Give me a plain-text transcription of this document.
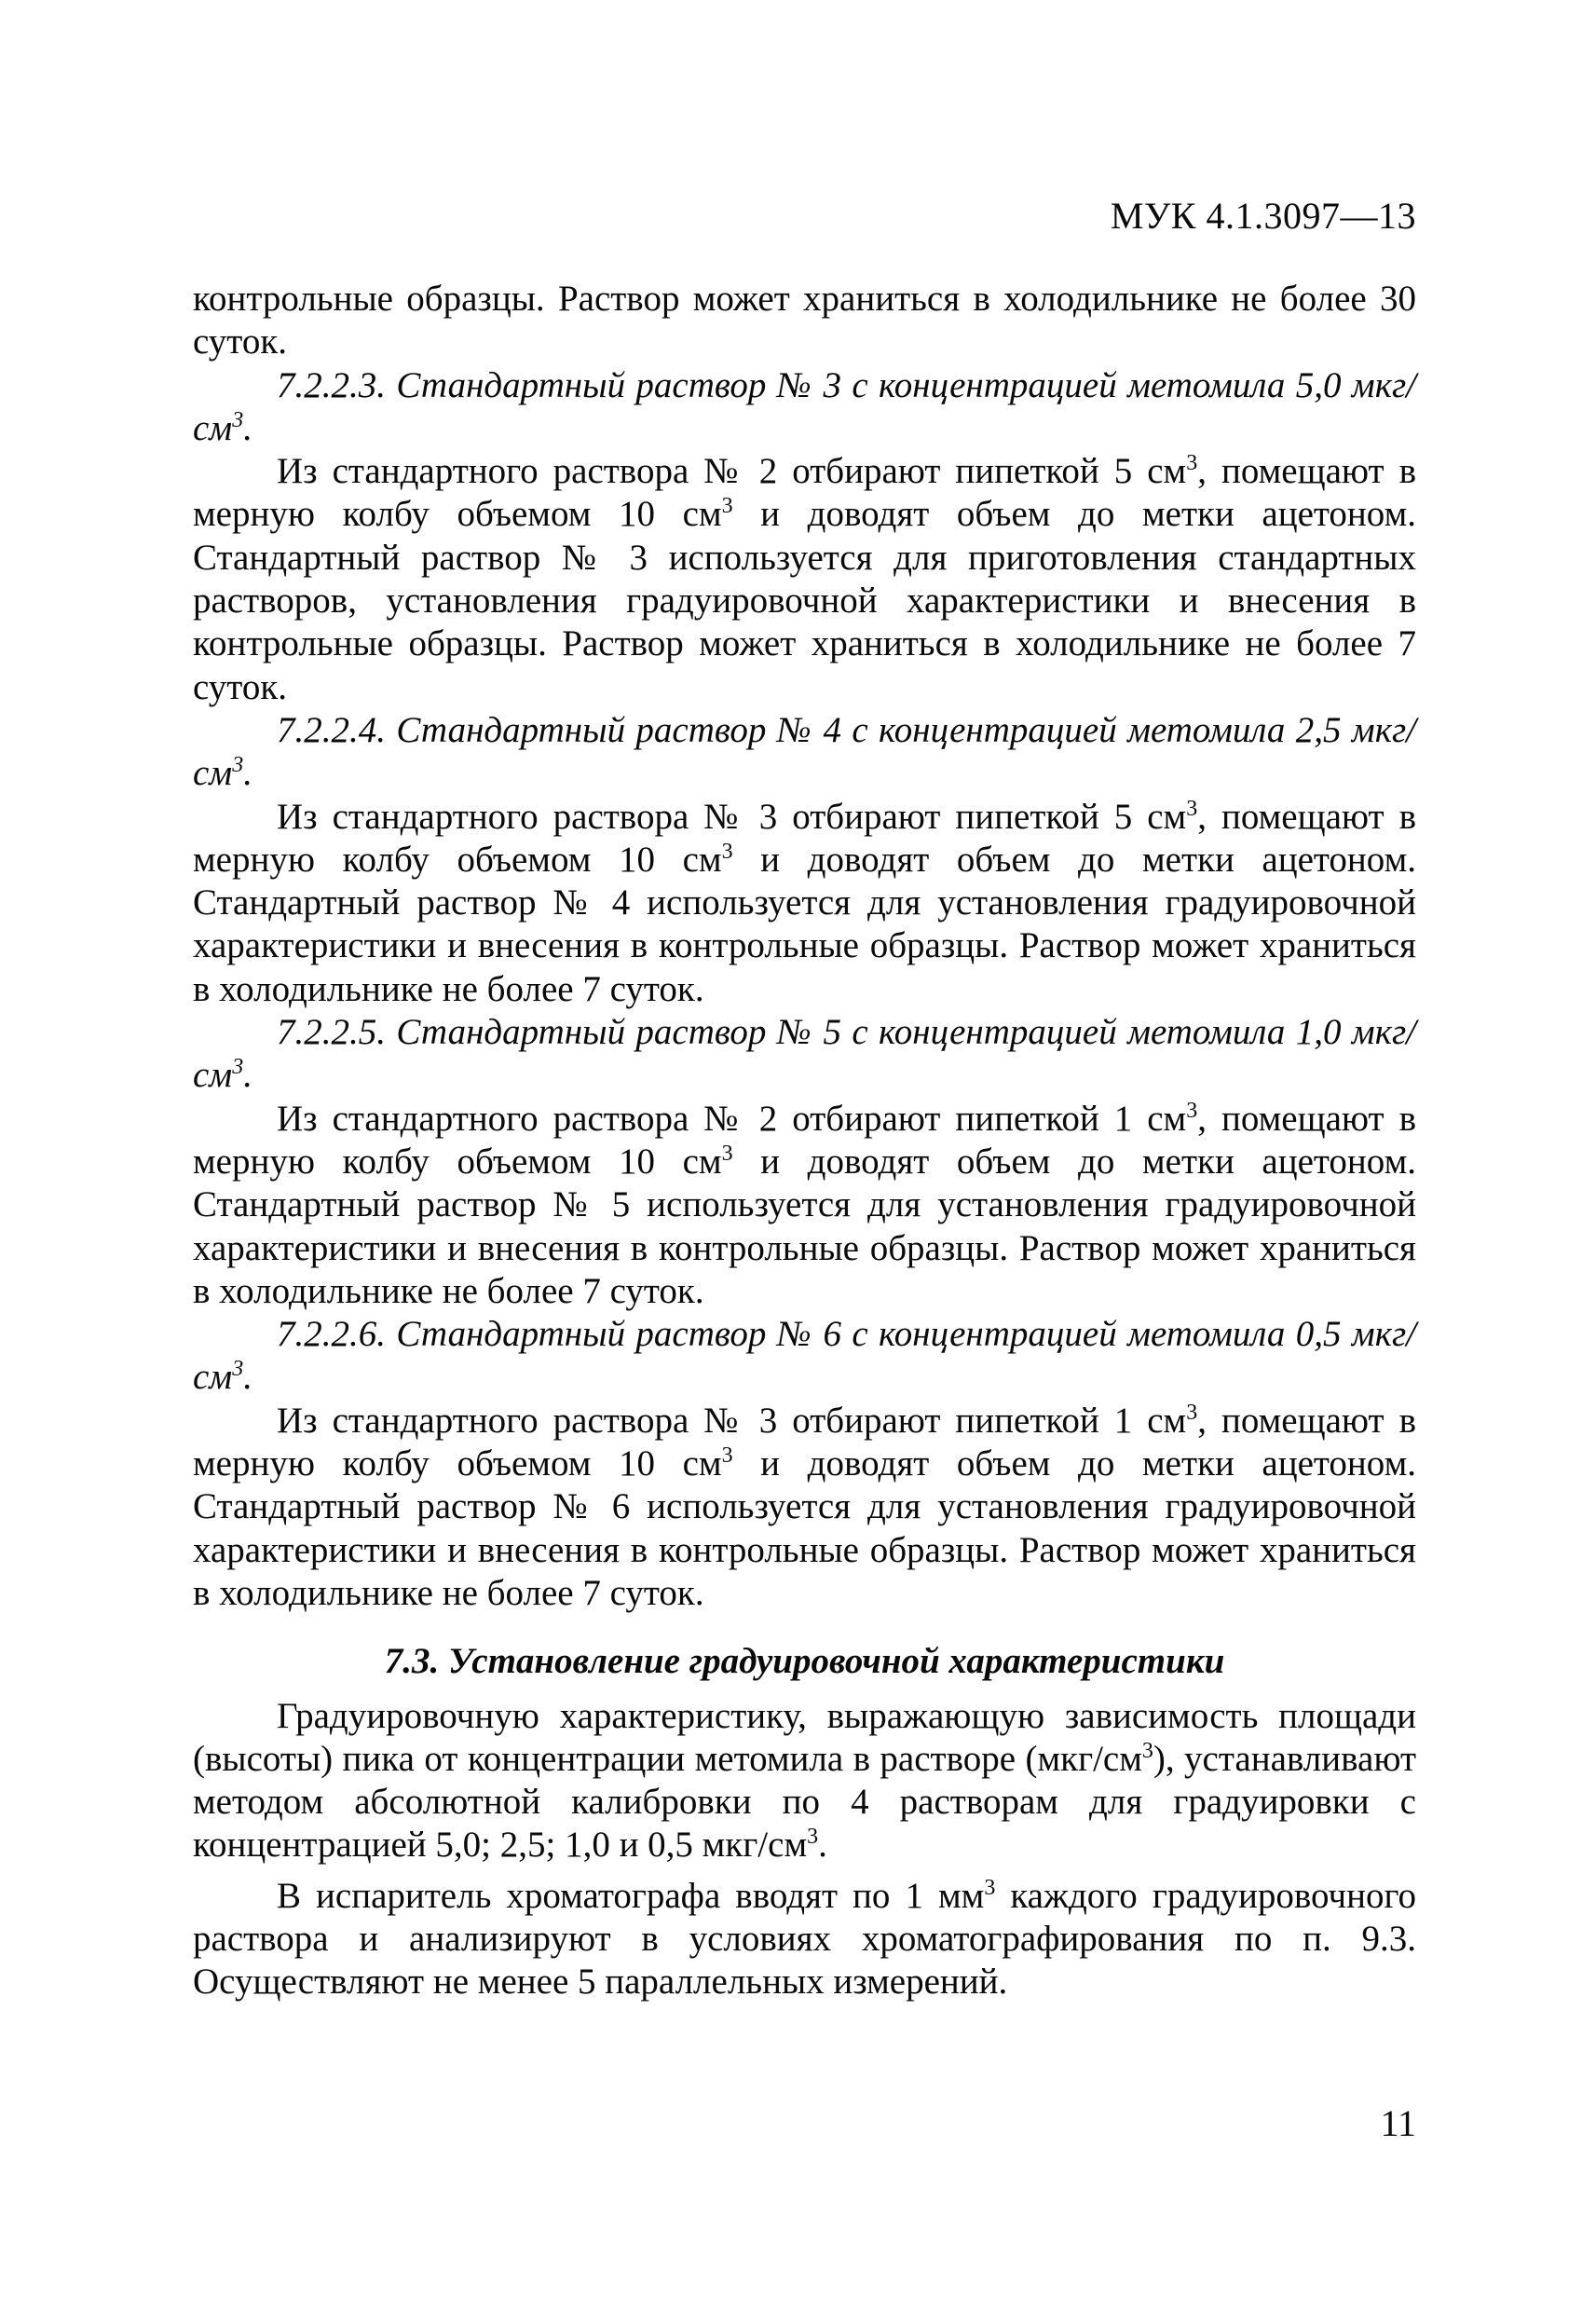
МУК 4.1.3097—13

контрольные образцы. Раствор может храниться в холодильнике не более 30 суток.

7.2.2.3. Стандартный раствор № 3 с концентрацией метомила 5,0 мкг/$см^3$.

Из стандартного раствора № 2 отбирают пипеткой 5 $см^3$, помещают в мерную колбу объемом 10 $см^3$ и доводят объем до метки ацетоном. Стандартный раствор № 3 используется для приготовления стандартных растворов, установления градуировочной характеристики и внесения в контрольные образцы. Раствор может храниться в холодильнике не более 7 суток.

7.2.2.4. Стандартный раствор № 4 с концентрацией метомила 2,5 мкг/$см^3$.

Из стандартного раствора № 3 отбирают пипеткой 5 $см^3$, помещают в мерную колбу объемом 10 $см^3$ и доводят объем до метки ацетоном. Стандартный раствор № 4 используется для установления градуировочной характеристики и внесения в контрольные образцы. Раствор может храниться в холодильнике не более 7 суток.

7.2.2.5. Стандартный раствор № 5 с концентрацией метомила 1,0 мкг/$см^3$.

Из стандартного раствора № 2 отбирают пипеткой 1 $см^3$, помещают в мерную колбу объемом 10 $см^3$ и доводят объем до метки ацетоном. Стандартный раствор № 5 используется для установления градуировочной характеристики и внесения в контрольные образцы. Раствор может храниться в холодильнике не более 7 суток.

7.2.2.6. Стандартный раствор № 6 с концентрацией метомила 0,5 мкг/$см^3$.

Из стандартного раствора № 3 отбирают пипеткой 1 $см^3$, помещают в мерную колбу объемом 10 $см^3$ и доводят объем до метки ацетоном. Стандартный раствор № 6 используется для установления градуировочной характеристики и внесения в контрольные образцы. Раствор может храниться в холодильнике не более 7 суток.

7.3. Установление градуировочной характеристики

Градуировочную характеристику, выражающую зависимость площади (высоты) пика от концентрации метомила в растворе $(мкг/см^3)$, устанавливают методом абсолютной калибровки по 4 растворам для градуировки с концентрацией 5,0; 2,5; 1,0 и 0,5 мкг/$см^3$.

В испаритель хроматографа вводят по 1 $мм^3$ каждого градуировочного раствора и анализируют в условиях хроматографирования по п. 9.3. Осуществляют не менее 5 параллельных измерений.

11
